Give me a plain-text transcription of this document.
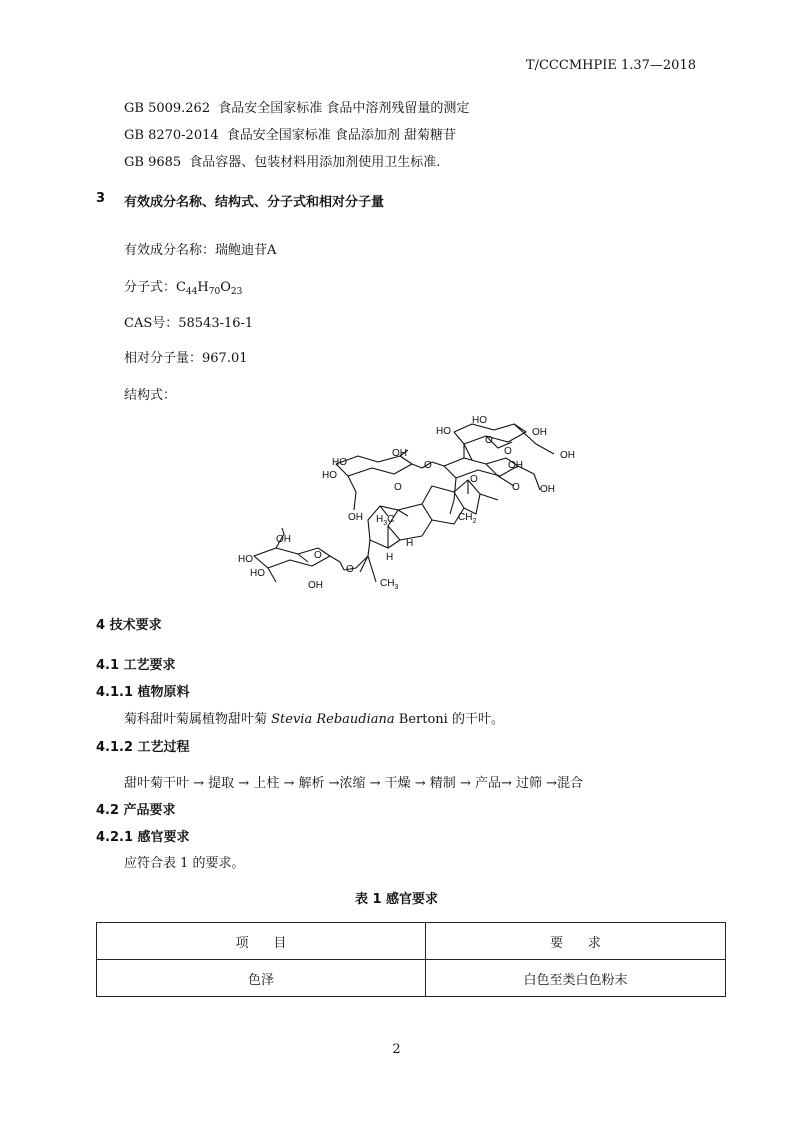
T/CCCMHPIE 1.37—2018
GB 5009.262 食品安全国家标准 食品中溶剂残留量的测定
GB 8270-2014 食品安全国家标准 食品添加剂 甜菊糖苷
GB 9685 食品容器、包装材料用添加剂使用卫生标准.
3 有效成分名称、结构式、分子式和相对分子量
有效成分名称：瑞鲍迪苷A
分子式：$C_{44}H_{70}O_{23}$
CAS号：58543-16-1
相对分子量：967.01
结构式：
HO
HO	OH
OH
HO
HO
OH
OH
OH
OH
$CH_2$
$H_3C$
H
H
$CH_3$
OH
HO
HO
OH
O
O
O
O	O
O
O
O
4 技术要求
4.1 工艺要求
4.1.1 植物原料
菊科甜叶菊属植物甜叶菊 Stevia Rebaudiana Bertoni 的干叶。
4.1.2 工艺过程
甜叶菊干叶 → 提取 → 上柱 → 解析 →浓缩 → 干燥 → 精制 → 产品→ 过筛 →混合
4.2 产品要求
4.2.1 感官要求
应符合表 1 的要求。
表 1 感官要求
项      目	要      求
色泽	白色至类白色粉末
2
